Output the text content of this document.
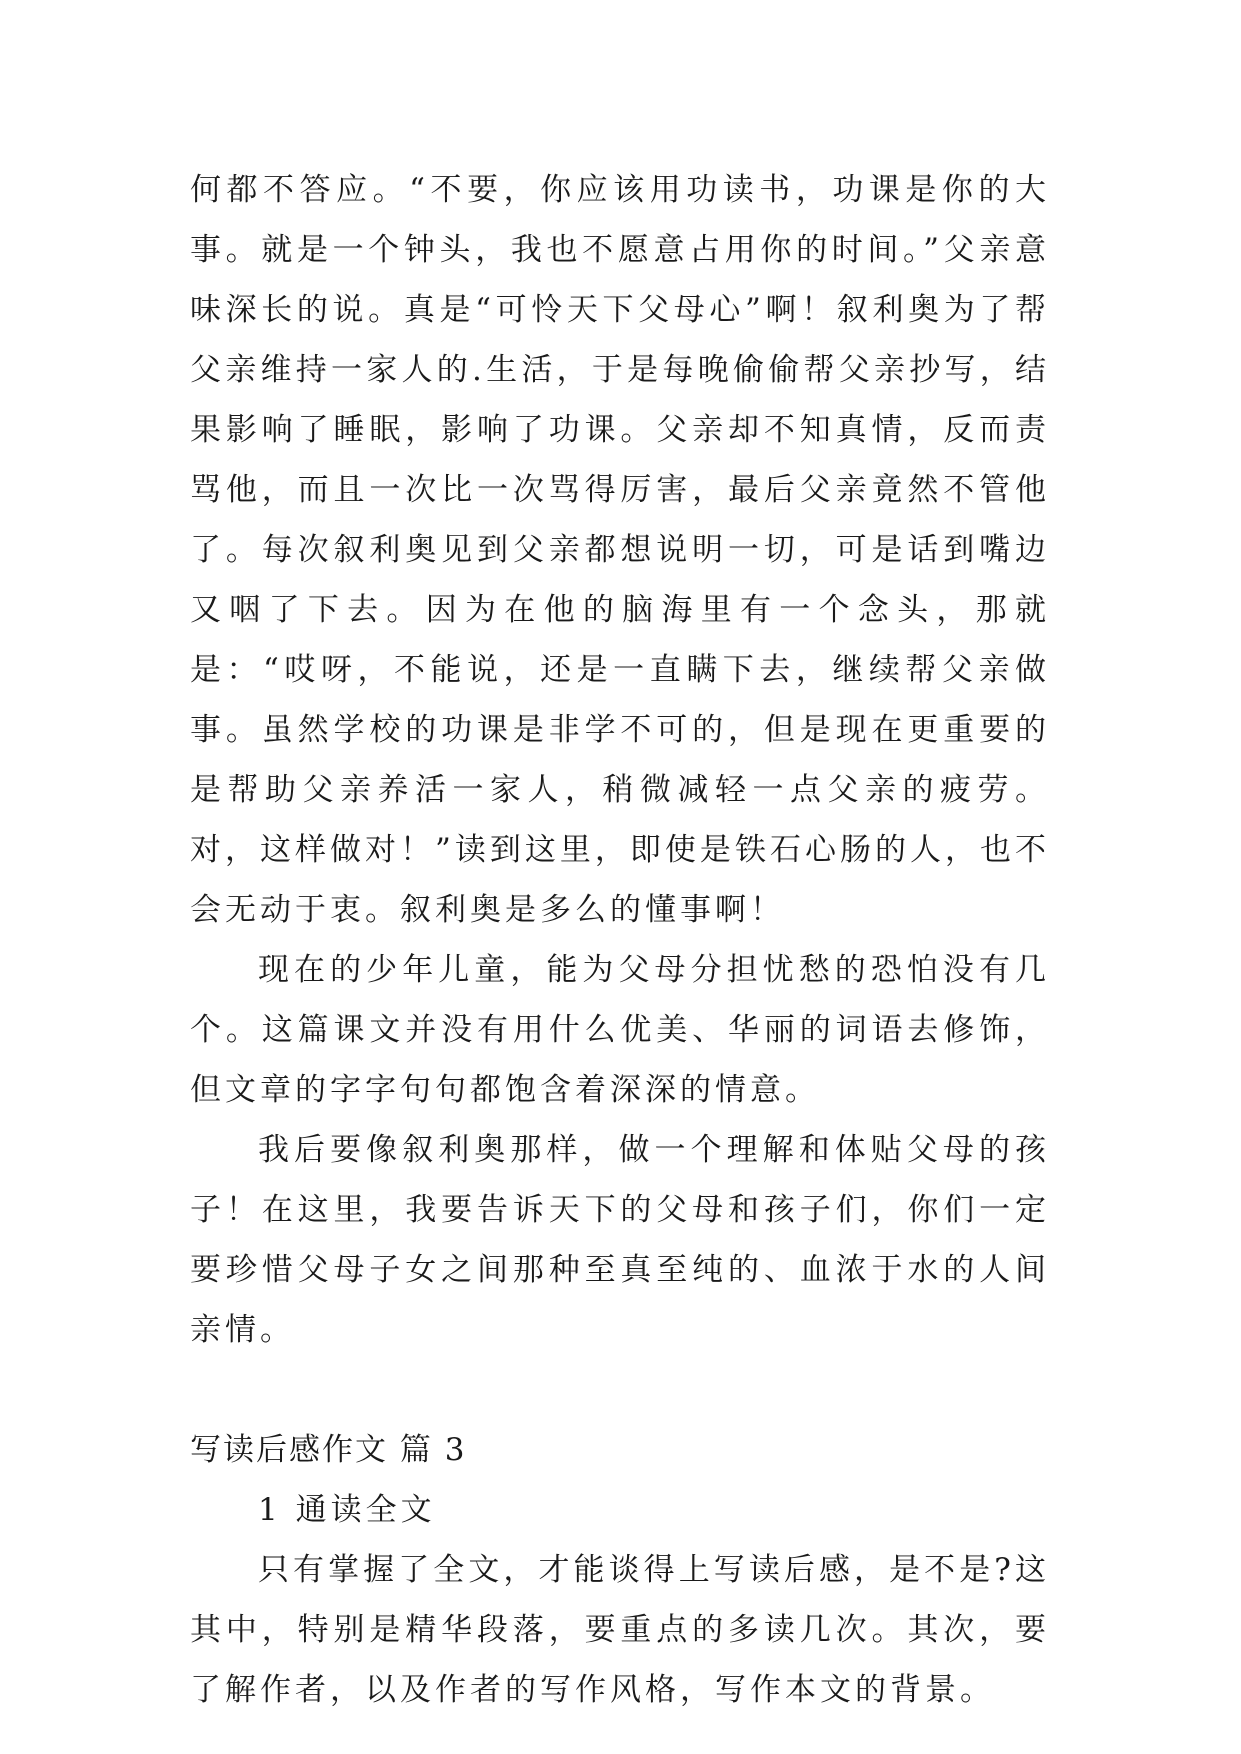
何都不答应。“不要，你应该用功读书，功课是你的大事。就是一个钟头，我也不愿意占用你的时间。”父亲意味深长的说。真是“可怜天下父母心”啊！叙利奥为了帮父亲维持一家人的.生活，于是每晚偷偷帮父亲抄写，结果影响了睡眠，影响了功课。父亲却不知真情，反而责骂他，而且一次比一次骂得厉害，最后父亲竟然不管他了。每次叙利奥见到父亲都想说明一切，可是话到嘴边又咽了下去。因为在他的脑海里有一个念头，那就是：“哎呀，不能说，还是一直瞒下去，继续帮父亲做事。虽然学校的功课是非学不可的，但是现在更重要的是帮助父亲养活一家人，稍微减轻一点父亲的疲劳。对，这样做对！”读到这里，即使是铁石心肠的人，也不会无动于衷。叙利奥是多么的懂事啊！

现在的少年儿童，能为父母分担忧愁的恐怕没有几个。这篇课文并没有用什么优美、华丽的词语去修饰，但文章的字字句句都饱含着深深的情意。

我后要像叙利奥那样，做一个理解和体贴父母的孩子！在这里，我要告诉天下的父母和孩子们，你们一定要珍惜父母子女之间那种至真至纯的、血浓于水的人间亲情。

写读后感作文 篇 3

1 通读全文

只有掌握了全文，才能谈得上写读后感，是不是?这其中，特别是精华段落，要重点的多读几次。其次，要了解作者，以及作者的写作风格，写作本文的背景。
